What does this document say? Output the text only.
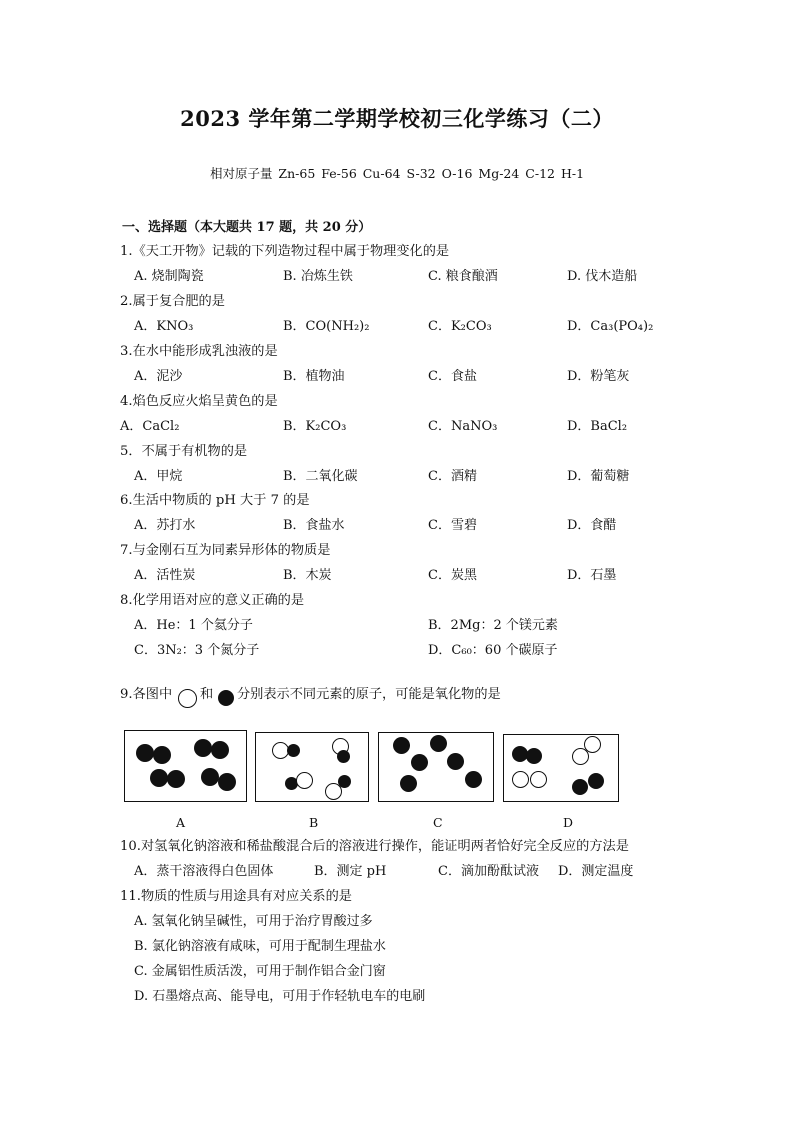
2023 学年第二学期学校初三化学练习（二）
相对原子量 Zn-65 Fe-56 Cu-64 S-32 O-16 Mg-24 C-12 H-1
一、选择题（本大题共 17 题，共 20 分）
1.《天工开物》记载的下列造物过程中属于物理变化的是
A. 烧制陶瓷	B. 冶炼生铁	C. 粮食酿酒	D. 伐木造船
2.属于复合肥的是
A．KNO₃	B．CO(NH₂)₂	C．K₂CO₃	D．Ca₃(PO₄)₂
3.在水中能形成乳浊液的是
A．泥沙	B．植物油	C．食盐	D．粉笔灰
4.焰色反应火焰呈黄色的是
A．CaCl₂	B．K₂CO₃	C．NaNO₃	D．BaCl₂
5．不属于有机物的是
A．甲烷	B．二氧化碳	C．酒精	D．葡萄糖
6.生活中物质的 pH 大于 7 的是
A．苏打水	B．食盐水	C．雪碧	D．食醋
7.与金刚石互为同素异形体的物质是
A．活性炭	B．木炭	C．炭黑	D．石墨
8.化学用语对应的意义正确的是
A．He：1 个氦分子	B．2Mg：2 个镁元素
C．3N₂：3 个氮分子	D．C₆₀：60 个碳原子
9.各图中 和 分别表示不同元素的原子，可能是氧化物的是
A	B	C	D
10.对氢氧化钠溶液和稀盐酸混合后的溶液进行操作，能证明两者恰好完全反应的方法是
A．蒸干溶液得白色固体	B．测定 pH	C．滴加酚酞试液 D．测定温度
11.物质的性质与用途具有对应关系的是
A. 氢氧化钠呈碱性，可用于治疗胃酸过多
B. 氯化钠溶液有咸味，可用于配制生理盐水
C. 金属铝性质活泼，可用于制作铝合金门窗
D. 石墨熔点高、能导电，可用于作轻轨电车的电刷
